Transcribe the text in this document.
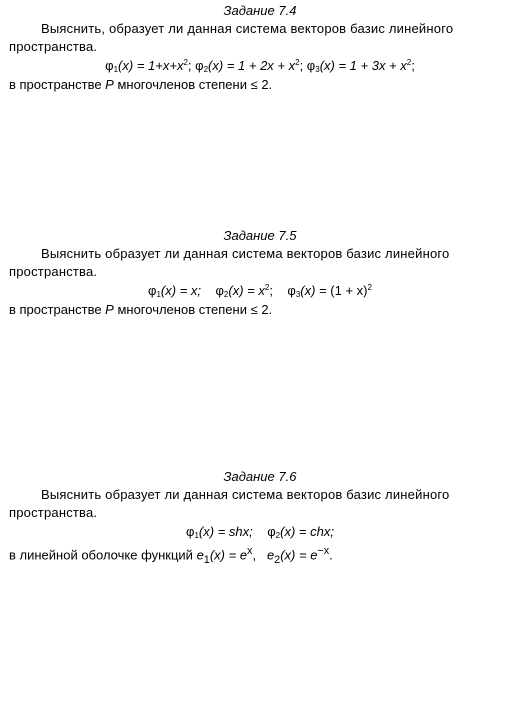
Задание 7.4
Выяснить, образует ли данная система векторов базис линейного
пространства.
$\varphi_1(x) = 1+x+x^2$; $\varphi_2(x) = 1 + 2x + x^2$; $\varphi_3(x) = 1 + 3x + x^2$;
в пространстве P многочленов степени ≤ 2.
Задание 7.5
Выяснить образует ли данная система векторов базис линейного
пространства.
$\varphi_1(x) = x$; $\varphi_2(x) = x^2$; $\varphi_3(x) = (1 + x)^2$
в пространстве P многочленов степени ≤ 2.
Задание 7.6
Выяснить образует ли данная система векторов базис линейного
пространства.
$\varphi_1(x)$ = shx; $\varphi_2(x)$ = chx;
в линейной оболочке функций $e_1(x) = e^x$, $e_2(x) = e^{-x}$.
